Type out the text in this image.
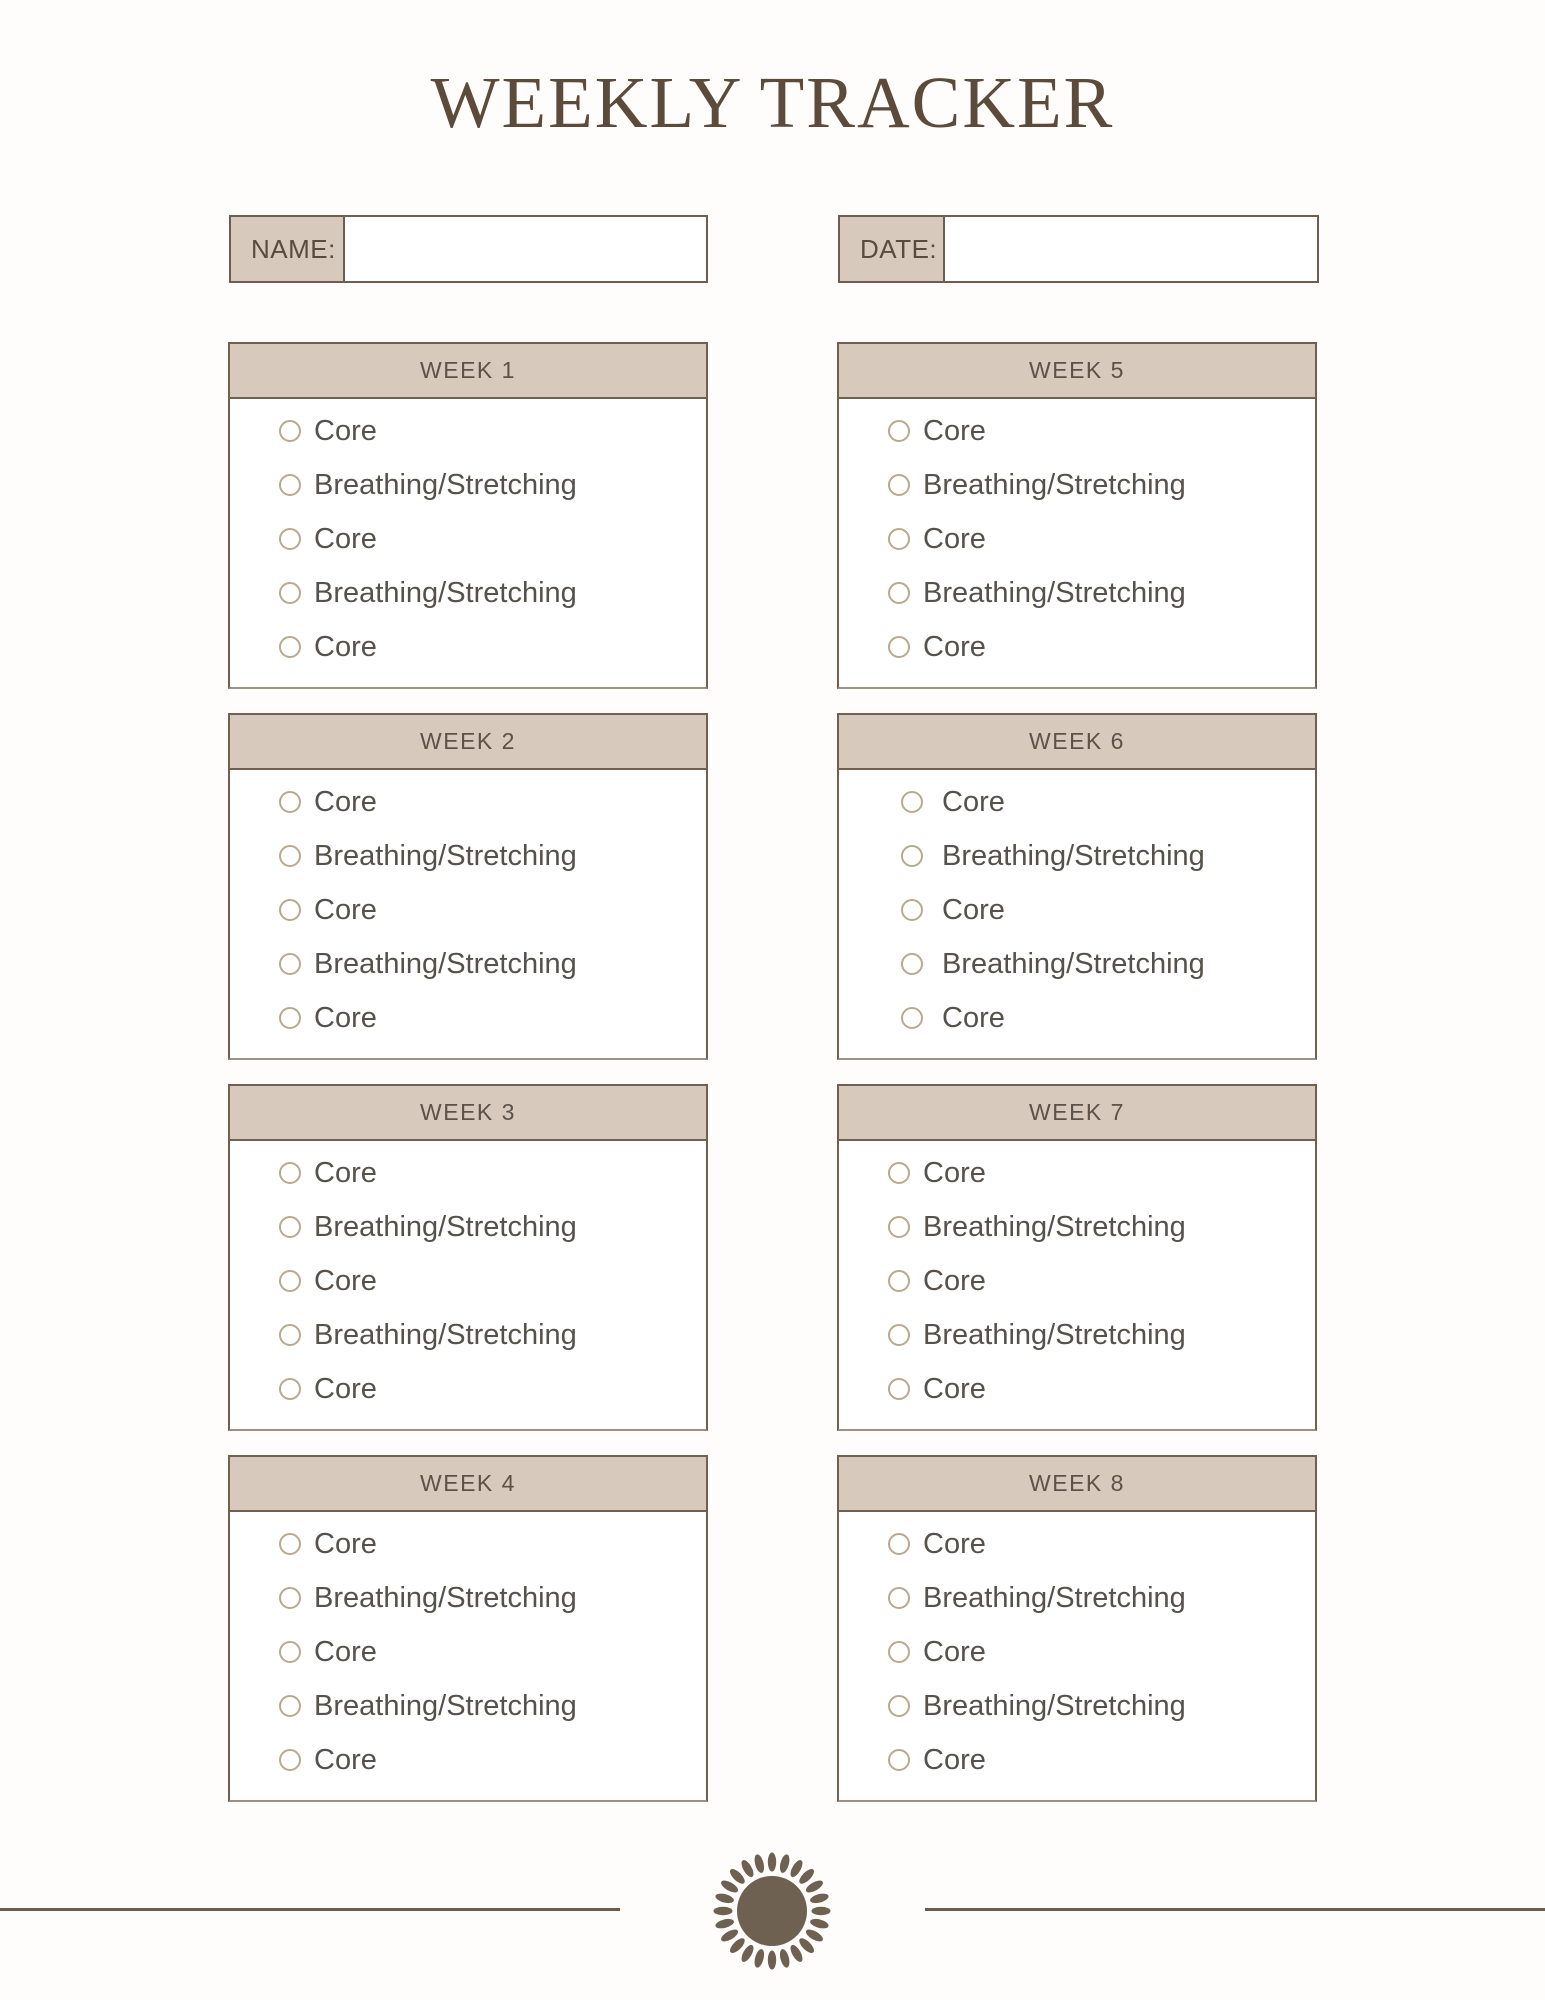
WEEKLY TRACKER
NAME:	DATE:
WEEK 1
Core
Breathing/Stretching
Core
Breathing/Stretching
Core
WEEK 2
Core
Breathing/Stretching
Core
Breathing/Stretching
Core
WEEK 3
Core
Breathing/Stretching
Core
Breathing/Stretching
Core
WEEK 4
Core
Breathing/Stretching
Core
Breathing/Stretching
Core
WEEK 5
Core
Breathing/Stretching
Core
Breathing/Stretching
Core
WEEK 6
Core
Breathing/Stretching
Core
Breathing/Stretching
Core
WEEK 7
Core
Breathing/Stretching
Core
Breathing/Stretching
Core
WEEK 8
Core
Breathing/Stretching
Core
Breathing/Stretching
Core
